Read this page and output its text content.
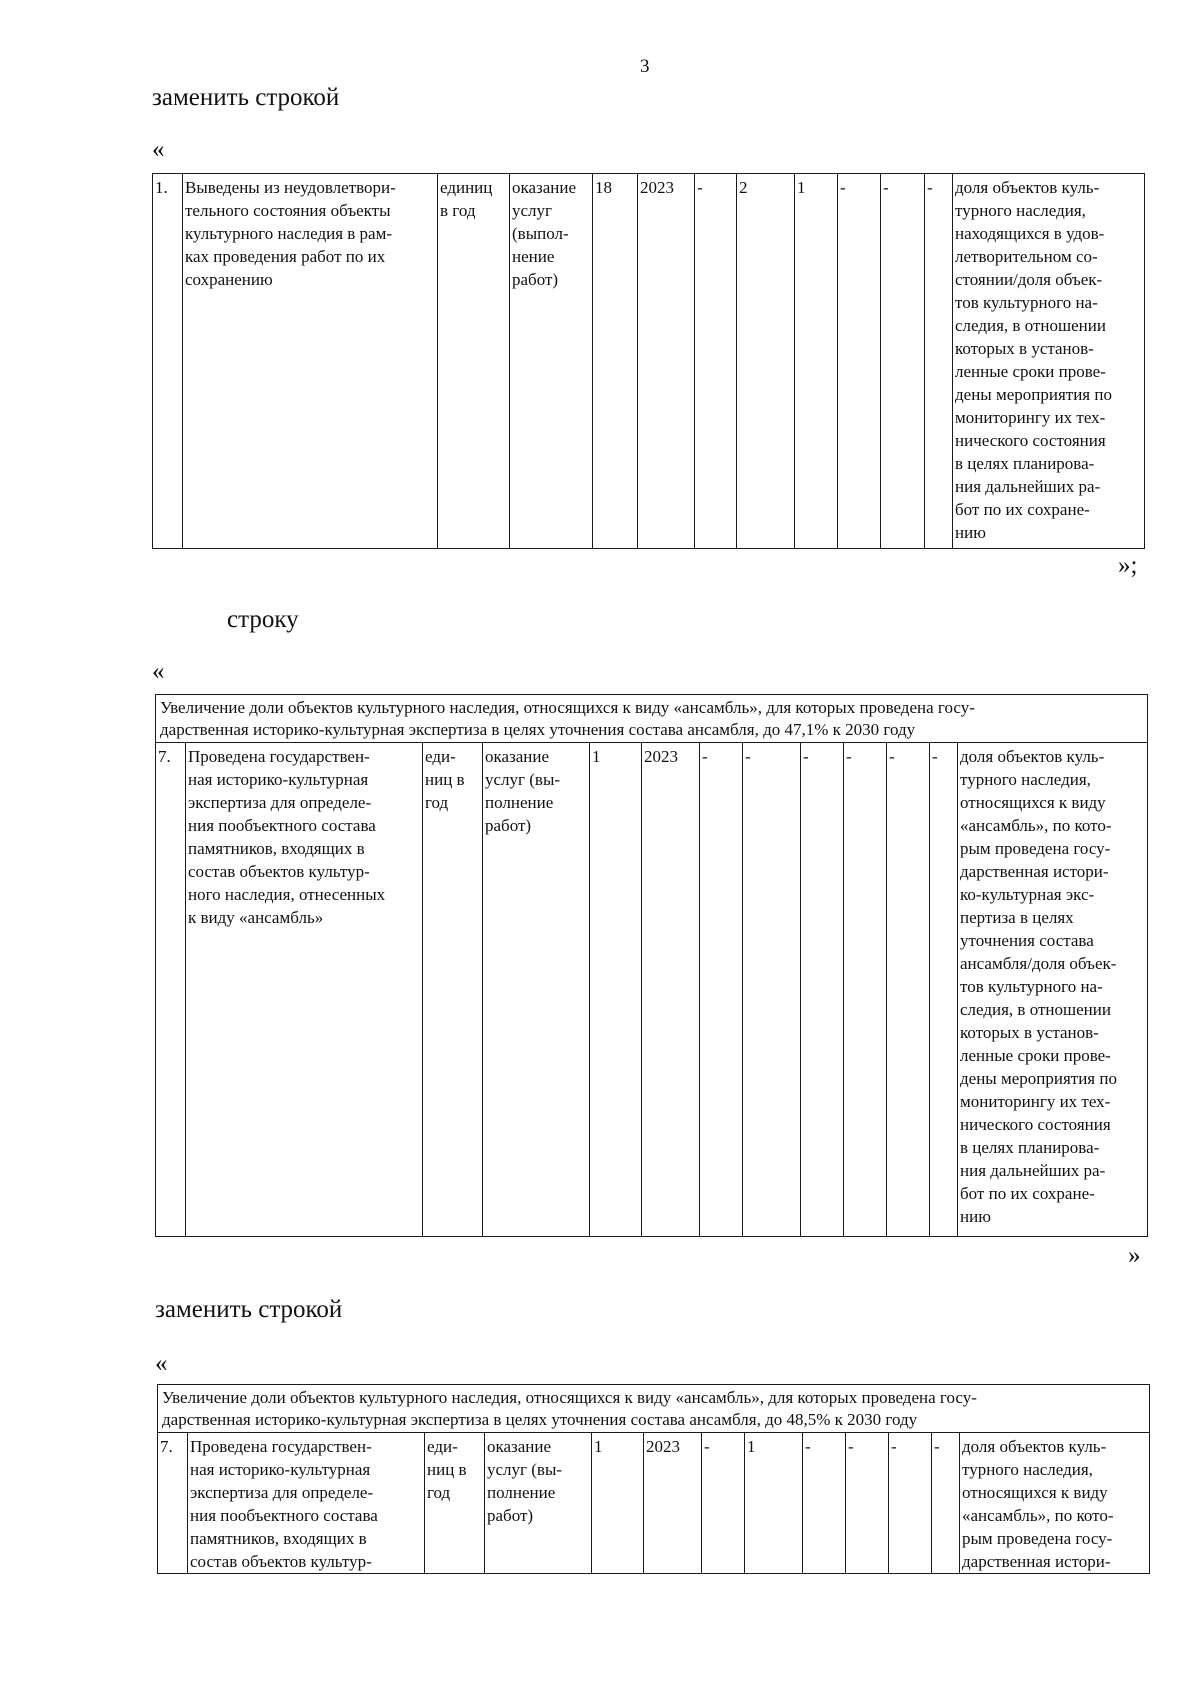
3
заменить строкой
«
1.	Выведены из неудовлетвори-
тельного состояния объекты
культурного наследия в рам-
ках проведения работ по их
сохранению	единиц
в год	оказание
услуг
(выпол-
нение
работ)	18	2023	-	2	1	-	-	-	доля объектов куль-
турного наследия,
находящихся в удов-
летворительном со-
стоянии/доля объек-
тов культурного на-
следия, в отношении
которых в установ-
ленные сроки прове-
дены мероприятия по
мониторингу их тех-
нического состояния
в целях планирова-
ния дальнейших ра-
бот по их сохране-
нию
»;
строку
«
Увеличение доли объектов культурного наследия, относящихся к виду «ансамбль», для которых проведена госу-
дарственная историко-культурная экспертиза в целях уточнения состава ансамбля, до 47,1% к 2030 году
7.	Проведена государствен-
ная историко-культурная
экспертиза для определе-
ния пообъектного состава
памятников, входящих в
состав объектов культур-
ного наследия, отнесенных
к виду «ансамбль»	еди-
ниц в
год	оказание
услуг (вы-
полнение
работ)	1	2023	-	-	-	-	-	-	доля объектов куль-
турного наследия,
относящихся к виду
«ансамбль», по кото-
рым проведена госу-
дарственная истори-
ко-культурная экс-
пертиза в целях
уточнения состава
ансамбля/доля объек-
тов культурного на-
следия, в отношении
которых в установ-
ленные сроки прове-
дены мероприятия по
мониторингу их тех-
нического состояния
в целях планирова-
ния дальнейших ра-
бот по их сохране-
нию
»
заменить строкой
«
Увеличение доли объектов культурного наследия, относящихся к виду «ансамбль», для которых проведена госу-
дарственная историко-культурная экспертиза в целях уточнения состава ансамбля, до 48,5% к 2030 году
7.	Проведена государствен-
ная историко-культурная
экспертиза для определе-
ния пообъектного состава
памятников, входящих в
состав объектов культур-	еди-
ниц в
год	оказание
услуг (вы-
полнение
работ)	1	2023	-	1	-	-	-	-	доля объектов куль-
турного наследия,
относящихся к виду
«ансамбль», по кото-
рым проведена госу-
дарственная истори-
